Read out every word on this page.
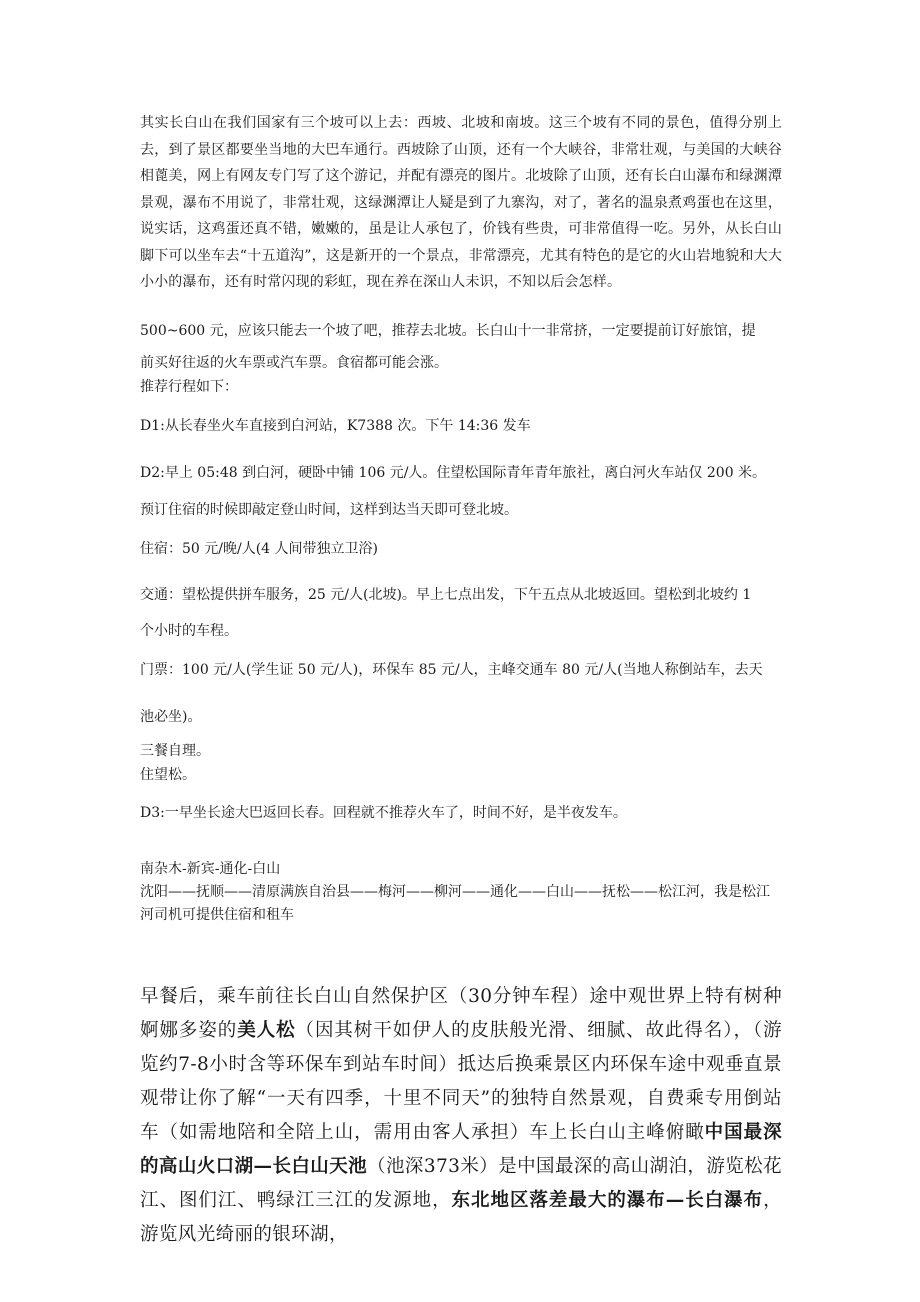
其实长白山在我们国家有三个坡可以上去：西坡、北坡和南坡。这三个坡有不同的景色，值得分别上去，到了景区都要坐当地的大巴车通行。西坡除了山顶，还有一个大峡谷，非常壮观，与美国的大峡谷相蓖美，网上有网友专门写了这个游记，并配有漂亮的图片。北坡除了山顶，还有长白山瀑布和绿渊潭景观，瀑布不用说了，非常壮观，这绿渊潭让人疑是到了九寨沟，对了，著名的温泉煮鸡蛋也在这里，说实话，这鸡蛋还真不错，嫩嫩的，虽是让人承包了，价钱有些贵，可非常值得一吃。另外，从长白山脚下可以坐车去“十五道沟”，这是新开的一个景点，非常漂亮，尤其有特色的是它的火山岩地貌和大大小小的瀑布，还有时常闪现的彩虹，现在养在深山人未识，不知以后会怎样。

500~600 元，应该只能去一个坡了吧，推荐去北坡。长白山十一非常挤，一定要提前订好旅馆，提

前买好往返的火车票或汽车票。食宿都可能会涨。

推荐行程如下：

D1:从长春坐火车直接到白河站，K7388 次。下午 14:36 发车

D2:早上 05:48 到白河，硬卧中铺 106 元/人。住望松国际青年青年旅社，离白河火车站仅 200 米。

预订住宿的时候即敲定登山时间，这样到达当天即可登北坡。

住宿：50 元/晚/人(4 人间带独立卫浴)

交通：望松提供拼车服务，25 元/人(北坡)。早上七点出发，下午五点从北坡返回。望松到北坡约 1

个小时的车程。

门票：100 元/人(学生证 50 元/人)，环保车 85 元/人，主峰交通车 80 元/人(当地人称倒站车，去天

池必坐)。

三餐自理。

住望松。

D3:一早坐长途大巴返回长春。回程就不推荐火车了，时间不好，是半夜发车。

南杂木-新宾-通化-白山
沈阳——抚顺——清原满族自治县——梅河——柳河——通化——白山——抚松——松江河，我是松江河司机可提供住宿和租车

早餐后，乘车前往长白山自然保护区（30分钟车程）途中观世界上特有树种婀娜多姿的美人松（因其树干如伊人的皮肤般光滑、细腻、故此得名），（游览约7-8小时含等环保车到站车时间）抵达后换乘景区内环保车途中观垂直景观带让你了解“一天有四季，十里不同天”的独特自然景观，自费乘专用倒站车（如需地陪和全陪上山，需用由客人承担）车上长白山主峰俯瞰中国最深的高山火口湖—长白山天池（池深373米）是中国最深的高山湖泊，游览松花江、图们江、鸭绿江三江的发源地，东北地区落差最大的瀑布—长白瀑布，游览风光绮丽的银环湖，
